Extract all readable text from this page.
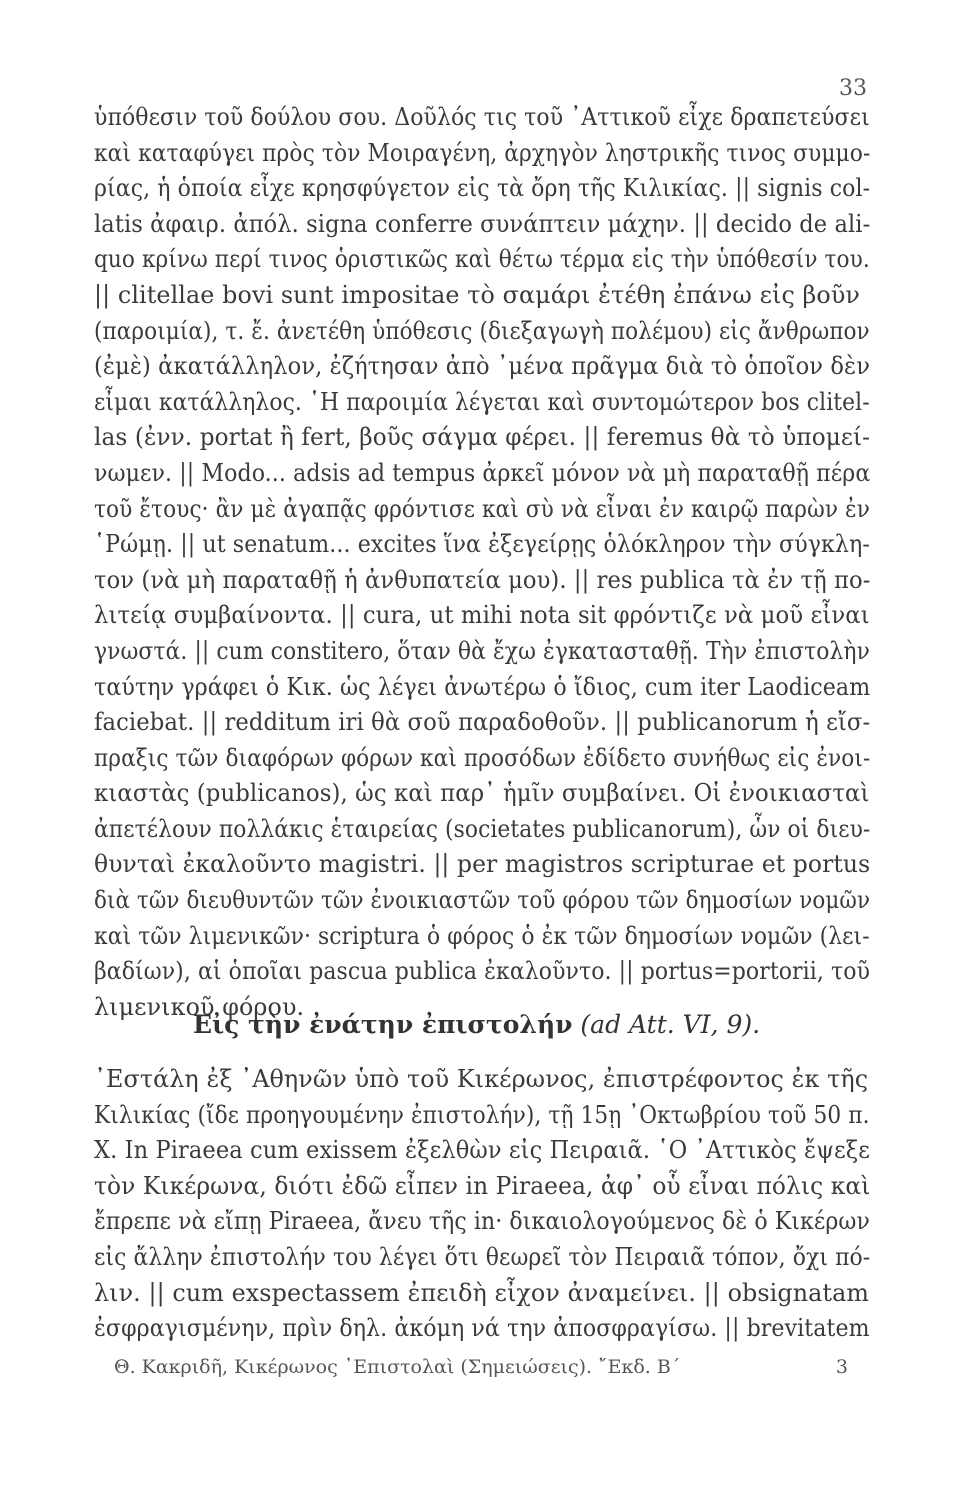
33
ὑπόθεσιν τοῦ δούλου σου. Δοῦλός τις τοῦ ᾿Αττικοῦ εἶχε δραπετεύσει
καὶ καταφύγει πρὸς τὸν Μοιραγένη, ἀρχηγὸν ληστρικῆς τινος συμμο-
ρίας, ἡ ὁποία εἶχε κρησφύγετον εἰς τὰ ὄρη τῆς Κιλικίας. || signis col-
latis ἀφαιρ. ἀπόλ. signa conferre συνάπτειν μάχην. || decido de ali-
quo κρίνω περί τινος ὁριστικῶς καὶ θέτω τέρμα εἰς τὴν ὑπόθεσίν του.
|| clitellae bovi sunt impositae τὸ σαμάρι ἐτέθη ἐπάνω εἰς βοῦν
(παροιμία), τ. ἔ. ἀνετέθη ὑπόθεσις (διεξαγωγὴ πολέμου) εἰς ἄνθρωπον
(ἐμὲ) ἀκατάλληλον, ἐζήτησαν ἀπὸ ᾽μένα πρᾶγμα διὰ τὸ ὁποῖον δὲν
εἶμαι κατάλληλος. ῾Η παροιμία λέγεται καὶ συντομώτερον bos clitel-
las (ἐνν. portat ἢ fert, βοῦς σάγμα φέρει. || feremus θὰ τὸ ὑπομεί-
νωμεν. || Modo... adsis ad tempus ἀρκεῖ μόνον νὰ μὴ παραταθῇ πέρα
τοῦ ἔτους· ἂν μὲ ἀγαπᾷς φρόντισε καὶ σὺ νὰ εἶναι ἐν καιρῷ παρὼν ἐν
῾Ρώμῃ. || ut senatum... excites ἵνα ἐξεγείρῃς ὁλόκληρον τὴν σύγκλη-
τον (νὰ μὴ παραταθῇ ἡ ἀνθυπατεία μου). || res publica τὰ ἐν τῇ πο-
λιτείᾳ συμβαίνοντα. || cura, ut mihi nota sit φρόντιζε νὰ μοῦ εἶναι
γνωστά. || cum constitero, ὅταν θὰ ἔχω ἐγκατασταθῇ. Τὴν ἐπιστολὴν
ταύτην γράφει ὁ Κικ. ὡς λέγει ἀνωτέρω ὁ ἴδιος, cum iter Laodiceam
faciebat. || redditum iri θὰ σοῦ παραδοθοῦν. || publicanorum ἡ εἴσ-
πραξις τῶν διαφόρων φόρων καὶ προσόδων ἐδίδετο συνήθως εἰς ἐνοι-
κιαστὰς (publicanos), ὡς καὶ παρ᾽ ἡμῖν συμβαίνει. Οἱ ἐνοικιασταὶ
ἀπετέλουν πολλάκις ἑταιρείας (societates publicanorum), ὧν οἱ διευ-
θυνταὶ ἐκαλοῦντο magistri. || per magistros scripturae et portus
διὰ τῶν διευθυντῶν τῶν ἐνοικιαστῶν τοῦ φόρου τῶν δημοσίων νομῶν
καὶ τῶν λιμενικῶν· scriptura ὁ φόρος ὁ ἐκ τῶν δημοσίων νομῶν (λει-
βαδίων), αἱ ὁποῖαι pascua publica ἐκαλοῦντο. || portus=portorii, τοῦ
λιμενικοῦ φόρου.
Εἰς τὴν ἐνάτην ἐπιστολήν (ad Att. VI, 9).
᾿Εστάλη ἐξ ᾿Αθηνῶν ὑπὸ τοῦ Κικέρωνος, ἐπιστρέφοντος ἐκ τῆς
Κιλικίας (ἴδε προηγουμένην ἐπιστολήν), τῇ 15ῃ ᾿Οκτωβρίου τοῦ 50 π.
Χ. In Piraeea cum exissem ἐξελθὼν εἰς Πειραιᾶ. ῾Ο ᾿Αττικὸς ἔψεξε
τὸν Κικέρωνα, διότι ἐδῶ εἶπεν in Piraeea, ἀφ᾽ οὗ εἶναι πόλις καὶ
ἔπρεπε νὰ εἴπῃ Piraeea, ἄνευ τῆς in· δικαιολογούμενος δὲ ὁ Κικέρων
εἰς ἄλλην ἐπιστολήν του λέγει ὅτι θεωρεῖ τὸν Πειραιᾶ τόπον, ὄχι πό-
λιν. || cum exspectassem ἐπειδὴ εἶχον ἀναμείνει. || obsignatam
ἐσφραγισμένην, πρὶν δηλ. ἀκόμη νά την ἀποσφραγίσω. || brevitatem
Θ. Κακριδῆ, Κικέρωνος ᾿Επιστολαὶ (Σημειώσεις). ῎Εκδ. Β΄	3
